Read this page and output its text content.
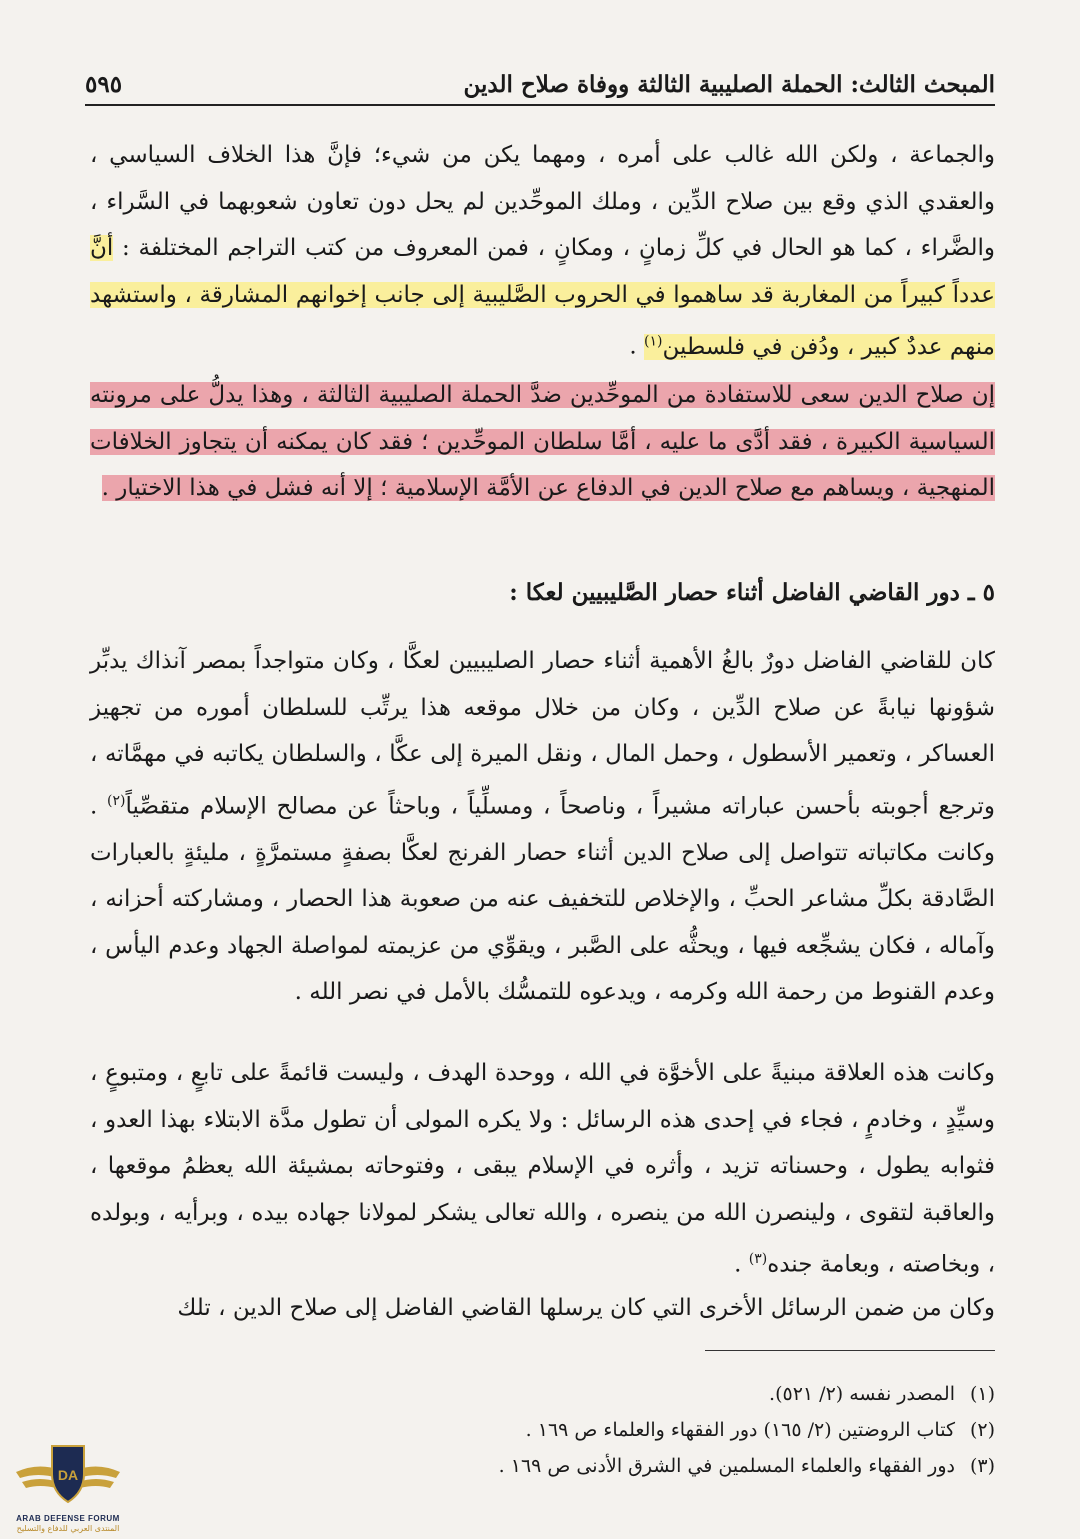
المبحث الثالث: الحملة الصليبية الثالثة ووفاة صلاح الدين
٥٩٥
والجماعة ، ولكن الله غالب على أمره ، ومهما يكن من شيء؛ فإنَّ هذا الخلاف السياسي ، والعقدي الذي وقع بين صلاح الدِّين ، وملك الموحِّدين لم يحل دون تعاون شعوبهما في السَّراء ، والضَّراء ، كما هو الحال في كلِّ زمانٍ ، ومكانٍ ، فمن المعروف من كتب التراجم المختلفة : أنَّ عدداً كبيراً من المغاربة قد ساهموا في الحروب الصَّليبية إلى جانب إخوانهم المشارقة ، واستشهد منهم عددٌ كبير ، ودُفن في فلسطين$^{(١)}$ .
إن صلاح الدين سعى للاستفادة من الموحِّدين ضدَّ الحملة الصليبية الثالثة ، وهذا يدلُّ على مرونته السياسية الكبيرة ، فقد أدَّى ما عليه ، أمَّا سلطان الموحِّدين ؛ فقد كان يمكنه أن يتجاوز الخلافات المنهجية ، ويساهم مع صلاح الدين في الدفاع عن الأمَّة الإسلامية ؛ إلا أنه فشل في هذا الاختيار .
٥ ـ دور القاضي الفاضل أثناء حصار الصَّليبيين لعكا :
كان للقاضي الفاضل دورٌ بالغُ الأهمية أثناء حصار الصليبيين لعكَّا ، وكان متواجداً بمصر آنذاك يدبِّر شؤونها نيابةً عن صلاح الدِّين ، وكان من خلال موقعه هذا يرتِّب للسلطان أموره من تجهيز العساكر ، وتعمير الأسطول ، وحمل المال ، ونقل الميرة إلى عكَّا ، والسلطان يكاتبه في مهمَّاته ، وترجع أجوبته بأحسن عباراته مشيراً ، وناصحاً ، ومسلِّياً ، وباحثاً عن مصالح الإسلام متقصِّياً$^{(٢)}$ . وكانت مكاتباته تتواصل إلى صلاح الدين أثناء حصار الفرنج لعكَّا بصفةٍ مستمرَّةٍ ، مليئةٍ بالعبارات الصَّادقة بكلِّ مشاعر الحبِّ ، والإخلاص للتخفيف عنه من صعوبة هذا الحصار ، ومشاركته أحزانه ، وآماله ، فكان يشجِّعه فيها ، ويحثُّه على الصَّبر ، ويقوِّي من عزيمته لمواصلة الجهاد وعدم اليأس ، وعدم القنوط من رحمة الله وكرمه ، ويدعوه للتمسُّك بالأمل في نصر الله .
وكانت هذه العلاقة مبنيةً على الأخوَّة في الله ، ووحدة الهدف ، وليست قائمةً على تابعٍ ، ومتبوعٍ ، وسيِّدٍ ، وخادمٍ ، فجاء في إحدى هذه الرسائل : ولا يكره المولى أن تطول مدَّة الابتلاء بهذا العدو ، فثوابه يطول ، وحسناته تزيد ، وأثره في الإسلام يبقى ، وفتوحاته بمشيئة الله يعظمُ موقعها ، والعاقبة لتقوى ، ولينصرن الله من ينصره ، والله تعالى يشكر لمولانا جهاده بيده ، وبرأيه ، وبولده ، وبخاصته ، وبعامة جنده$^{(٣)}$ .
وكان من ضمن الرسائل الأخرى التي كان يرسلها القاضي الفاضل إلى صلاح الدين ، تلك
(١)
المصدر نفسه (٢/ ٥٢١).
(٢)
كتاب الروضتين (٢/ ١٦٥) دور الفقهاء والعلماء ص ١٦٩ .
(٣)
دور الفقهاء والعلماء المسلمين في الشرق الأدنى ص ١٦٩ .
DA
ARAB DEFENSE FORUM
المنتدى العربي للدفاع والتسليح
